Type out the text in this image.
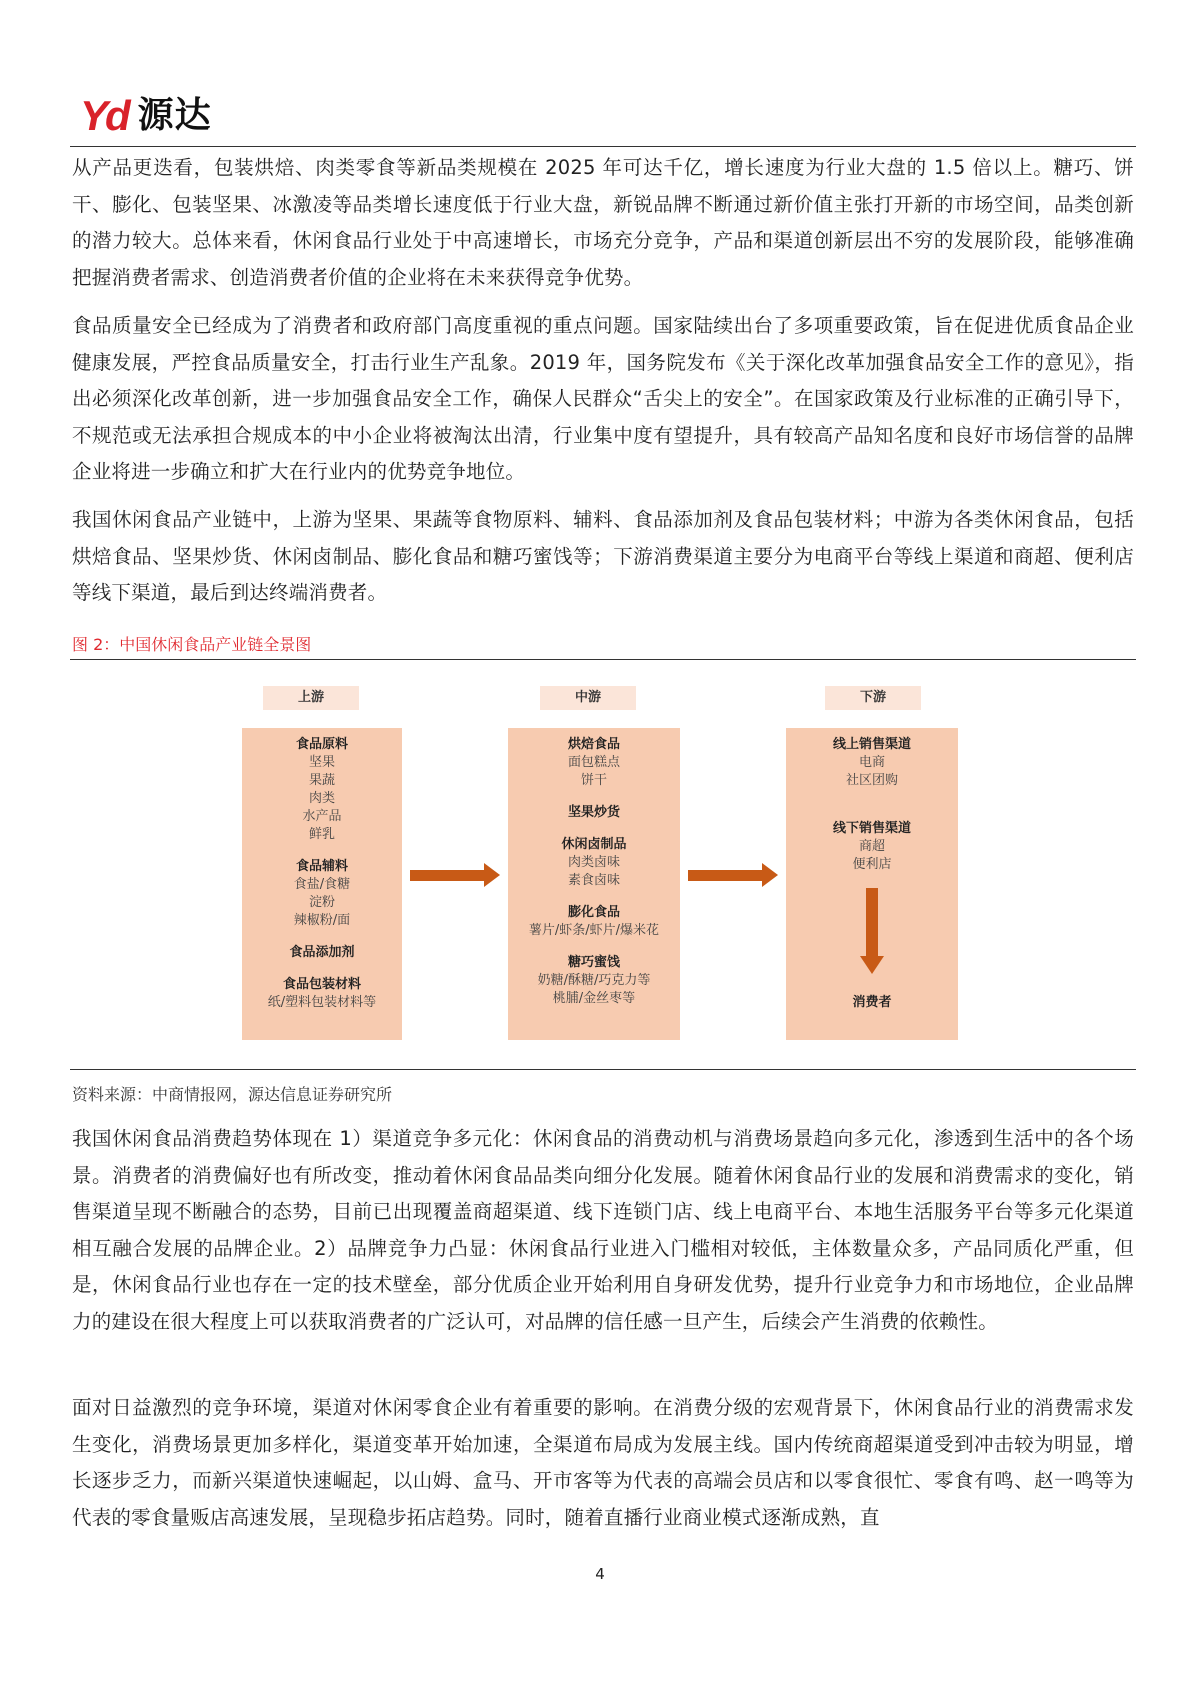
Yd 源达

从产品更迭看，包装烘焙、肉类零食等新品类规模在 2025 年可达千亿，增长速度为行业大盘的 1.5 倍以上。糖巧、饼干、膨化、包装坚果、冰激凌等品类增长速度低于行业大盘，新锐品牌不断通过新价值主张打开新的市场空间，品类创新的潜力较大。总体来看，休闲食品行业处于中高速增长，市场充分竞争，产品和渠道创新层出不穷的发展阶段，能够准确把握消费者需求、创造消费者价值的企业将在未来获得竞争优势。

食品质量安全已经成为了消费者和政府部门高度重视的重点问题。国家陆续出台了多项重要政策，旨在促进优质食品企业健康发展，严控食品质量安全，打击行业生产乱象。2019 年，国务院发布《关于深化改革加强食品安全工作的意见》，指出必须深化改革创新，进一步加强食品安全工作，确保人民群众“舌尖上的安全”。在国家政策及行业标准的正确引导下，不规范或无法承担合规成本的中小企业将被淘汰出清，行业集中度有望提升，具有较高产品知名度和良好市场信誉的品牌企业将进一步确立和扩大在行业内的优势竞争地位。

我国休闲食品产业链中，上游为坚果、果蔬等食物原料、辅料、食品添加剂及食品包装材料；中游为各类休闲食品，包括烘焙食品、坚果炒货、休闲卤制品、膨化食品和糖巧蜜饯等；下游消费渠道主要分为电商平台等线上渠道和商超、便利店等线下渠道，最后到达终端消费者。

图 2：中国休闲食品产业链全景图
上游
食品原料
坚果
果蔬
肉类
水产品
鲜乳
食品辅料
食盐/食糖
淀粉
辣椒粉/面
食品添加剂
食品包装材料
纸/塑料包装材料等
中游
烘焙食品
面包糕点
饼干
坚果炒货
休闲卤制品
肉类卤味
素食卤味
膨化食品
薯片/虾条/虾片/爆米花
糖巧蜜饯
奶糖/酥糖/巧克力等
桃脯/金丝枣等
下游
线上销售渠道
电商
社区团购
线下销售渠道
商超
便利店
消费者
资料来源：中商情报网，源达信息证券研究所

我国休闲食品消费趋势体现在 1）渠道竞争多元化：休闲食品的消费动机与消费场景趋向多元化，渗透到生活中的各个场景。消费者的消费偏好也有所改变，推动着休闲食品品类向细分化发展。随着休闲食品行业的发展和消费需求的变化，销售渠道呈现不断融合的态势，目前已出现覆盖商超渠道、线下连锁门店、线上电商平台、本地生活服务平台等多元化渠道相互融合发展的品牌企业。2）品牌竞争力凸显：休闲食品行业进入门槛相对较低，主体数量众多，产品同质化严重，但是，休闲食品行业也存在一定的技术壁垒，部分优质企业开始利用自身研发优势，提升行业竞争力和市场地位，企业品牌力的建设在很大程度上可以获取消费者的广泛认可，对品牌的信任感一旦产生，后续会产生消费的依赖性。

面对日益激烈的竞争环境，渠道对休闲零食企业有着重要的影响。在消费分级的宏观背景下，休闲食品行业的消费需求发生变化，消费场景更加多样化，渠道变革开始加速，全渠道布局成为发展主线。国内传统商超渠道受到冲击较为明显，增长逐步乏力，而新兴渠道快速崛起，以山姆、盒马、开市客等为代表的高端会员店和以零食很忙、零食有鸣、赵一鸣等为代表的零食量贩店高速发展，呈现稳步拓店趋势。同时，随着直播行业商业模式逐渐成熟，直

4
